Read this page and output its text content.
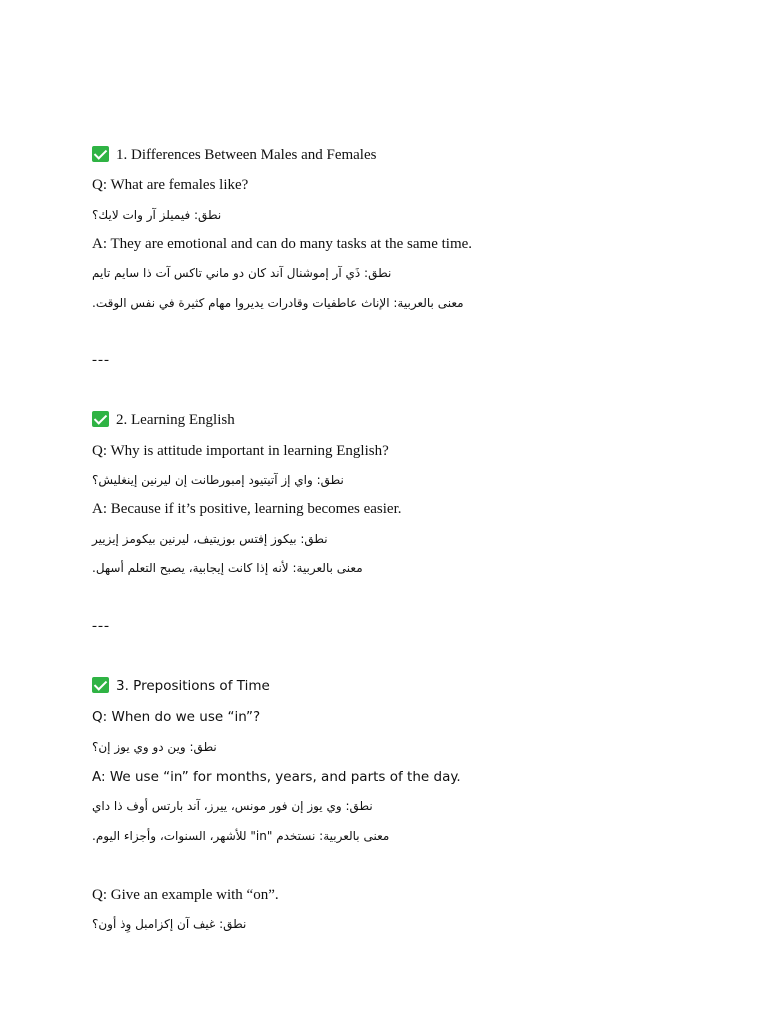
1. Differences Between Males and Females
Q: What are females like?
نطق: فيميلز آر وات لايك؟
A: They are emotional and can do many tasks at the same time.
نطق: ذَي آر إموشنال آند كان دو ماني تاكس آت ذا سايم تايم
معنى بالعربية: الإناث عاطفيات وقادرات يديروا مهام كثيرة في نفس الوقت.
---
2. Learning English
Q: Why is attitude important in learning English?
نطق: واي إز آتيتيود إمبورطانت إن ليرنين إينغليش؟
A: Because if it’s positive, learning becomes easier.
نطق: بيكوز إفتس بوزيتيف، ليرنين بيكومز إيزيير
معنى بالعربية: لأنه إذا كانت إيجابية، يصبح التعلم أسهل.
---
3. Prepositions of Time
Q: When do we use “in”?
نطق: وين دو وي يوز إن؟
A: We use “in” for months, years, and parts of the day.
نطق: وي يوز إن فور مونس، ييرز، آند بارتس أوف ذا داي
معنى بالعربية: نستخدم "in" للأشهر، السنوات، وأجزاء اليوم.
Q: Give an example with “on”.
نطق: غيف آن إكزامبل وِذ أون؟
